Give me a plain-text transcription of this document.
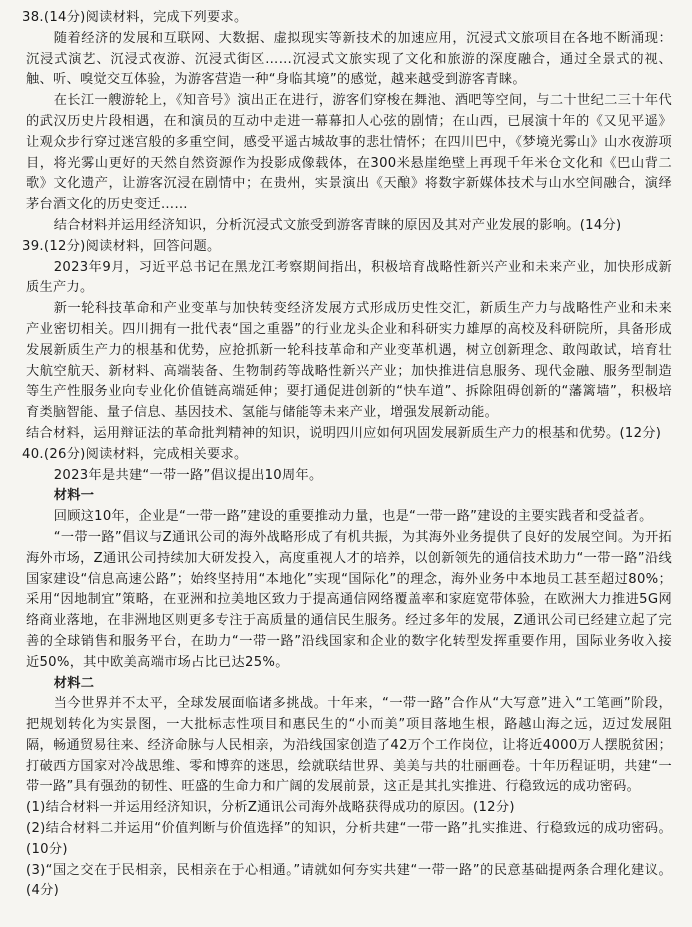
38.(14分)阅读材料，完成下列要求。

随着经济的发展和互联网、大数据、虚拟现实等新技术的加速应用，沉浸式文旅项目在各地不断涌现：沉浸式演艺、沉浸式夜游、沉浸式街区……沉浸式文旅实现了文化和旅游的深度融合，通过全景式的视、触、听、嗅觉交互体验，为游客营造一种“身临其境”的感觉，越来越受到游客青睐。

在长江一艘游轮上，《知音号》演出正在进行，游客们穿梭在舞池、酒吧等空间，与二十世纪二三十年代的武汉历史片段相遇，在和演员的互动中走进一幕幕扣人心弦的剧情；在山西，已展演十年的《又见平遥》让观众步行穿过迷宫般的多重空间，感受平遥古城故事的悲壮情怀；在四川巴中，《梦境光雾山》山水夜游项目，将光雾山更好的天然自然资源作为投影成像载体，在300米悬崖绝壁上再现千年米仓文化和《巴山背二歌》文化遗产，让游客沉浸在剧情中；在贵州，实景演出《天酿》将数字新媒体技术与山水空间融合，演绎茅台酒文化的历史变迁……

结合材料并运用经济知识，分析沉浸式文旅受到游客青睐的原因及其对产业发展的影响。(14分)

39.(12分)阅读材料，回答问题。

2023年9月，习近平总书记在黑龙江考察期间指出，积极培育战略性新兴产业和未来产业，加快形成新质生产力。

新一轮科技革命和产业变革与加快转变经济发展方式形成历史性交汇，新质生产力与战略性产业和未来产业密切相关。四川拥有一批代表“国之重器”的行业龙头企业和科研实力雄厚的高校及科研院所，具备形成发展新质生产力的根基和优势，应抢抓新一轮科技革命和产业变革机遇，树立创新理念、敢闯敢试，培育壮大航空航天、新材料、高端装备、生物制药等战略性新兴产业；加快推进信息服务、现代金融、服务型制造等生产性服务业向专业化价值链高端延伸；要打通促进创新的“快车道”、拆除阻碍创新的“藩篱墙”，积极培育类脑智能、量子信息、基因技术、氢能与储能等未来产业，增强发展新动能。

结合材料，运用辩证法的革命批判精神的知识，说明四川应如何巩固发展新质生产力的根基和优势。(12分)

40.(26分)阅读材料，完成相关要求。

2023年是共建“一带一路”倡议提出10周年。

材料一

回顾这10年，企业是“一带一路”建设的重要推动力量，也是“一带一路”建设的主要实践者和受益者。

“一带一路”倡议与Z通讯公司的海外战略形成了有机共振，为其海外业务提供了良好的发展空间。为开拓海外市场，Z通讯公司持续加大研发投入，高度重视人才的培养，以创新领先的通信技术助力“一带一路”沿线国家建设“信息高速公路”；始终坚持用“本地化”实现“国际化”的理念，海外业务中本地员工甚至超过80%；采用“因地制宜”策略，在亚洲和拉美地区致力于提高通信网络覆盖率和家庭宽带体验，在欧洲大力推进5G网络商业落地，在非洲地区则更多专注于高质量的通信民生服务。经过多年的发展，Z通讯公司已经建立起了完善的全球销售和服务平台，在助力“一带一路”沿线国家和企业的数字化转型发挥重要作用，国际业务收入接近50%，其中欧美高端市场占比已达25%。

材料二

当今世界并不太平，全球发展面临诸多挑战。十年来，“一带一路”合作从“大写意”进入“工笔画”阶段，把规划转化为实景图，一大批标志性项目和惠民生的“小而美”项目落地生根，路越山海之远，迈过发展阻隔，畅通贸易往来、经济命脉与人民相亲，为沿线国家创造了42万个工作岗位，让将近4000万人摆脱贫困；打破西方国家对冷战思维、零和博弈的迷思，绘就联结世界、美美与共的壮丽画卷。十年历程证明，共建“一带一路”具有强劲的韧性、旺盛的生命力和广阔的发展前景，这正是其扎实推进、行稳致远的成功密码。

(1)结合材料一并运用经济知识，分析Z通讯公司海外战略获得成功的原因。(12分)

(2)结合材料二并运用“价值判断与价值选择”的知识，分析共建“一带一路”扎实推进、行稳致远的成功密码。(10分)

(3)“国之交在于民相亲，民相亲在于心相通。”请就如何夯实共建“一带一路”的民意基础提两条合理化建议。(4分)
